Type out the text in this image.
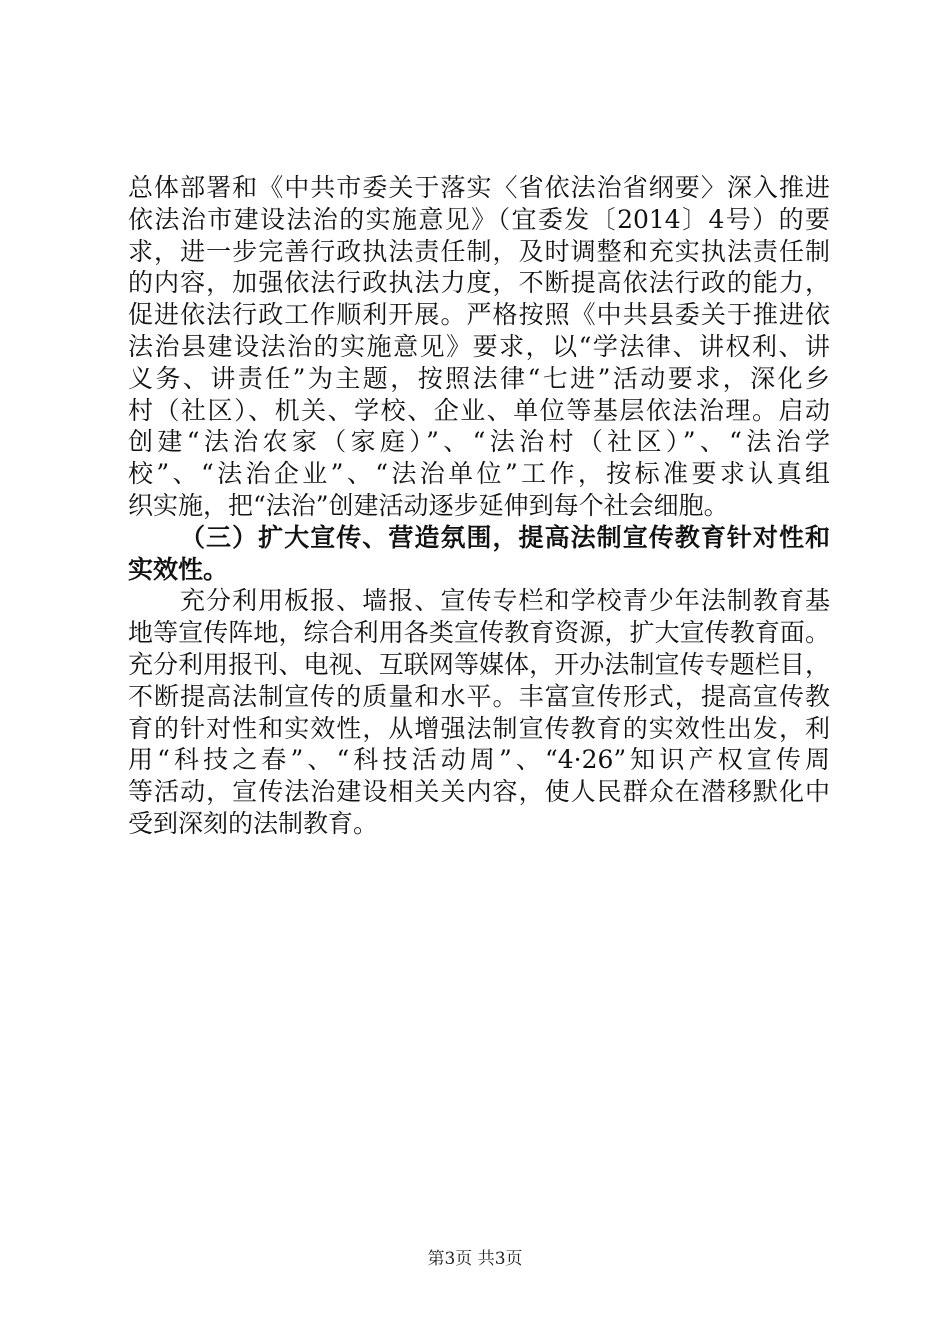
总体部署和《中共市委关于落实〈省依法治省纲要〉深入推进
依法治市建设法治的实施意见》（宜委发〔2014〕4号）的要
求，进一步完善行政执法责任制，及时调整和充实执法责任制
的内容，加强依法行政执法力度，不断提高依法行政的能力，
促进依法行政工作顺利开展。严格按照《中共县委关于推进依
法治县建设法治的实施意见》要求，以“学法律、讲权利、讲
义务、讲责任”为主题，按照法律“七进”活动要求，深化乡
村（社区）、机关、学校、企业、单位等基层依法治理。启动
创建“法治农家（家庭）”、“法治村（社区）”、“法治学
校”、“法治企业”、“法治单位”工作，按标准要求认真组
织实施，把“法治”创建活动逐步延伸到每个社会细胞。
（三）扩大宣传、营造氛围，提高法制宣传教育针对性和
实效性。
充分利用板报、墙报、宣传专栏和学校青少年法制教育基
地等宣传阵地，综合利用各类宣传教育资源，扩大宣传教育面。
充分利用报刊、电视、互联网等媒体，开办法制宣传专题栏目，
不断提高法制宣传的质量和水平。丰富宣传形式，提高宣传教
育的针对性和实效性，从增强法制宣传教育的实效性出发，利
用“科技之春”、“科技活动周”、“4·26”知识产权宣传周
等活动，宣传法治建设相关关内容，使人民群众在潜移默化中
受到深刻的法制教育。
第3页 共3页
